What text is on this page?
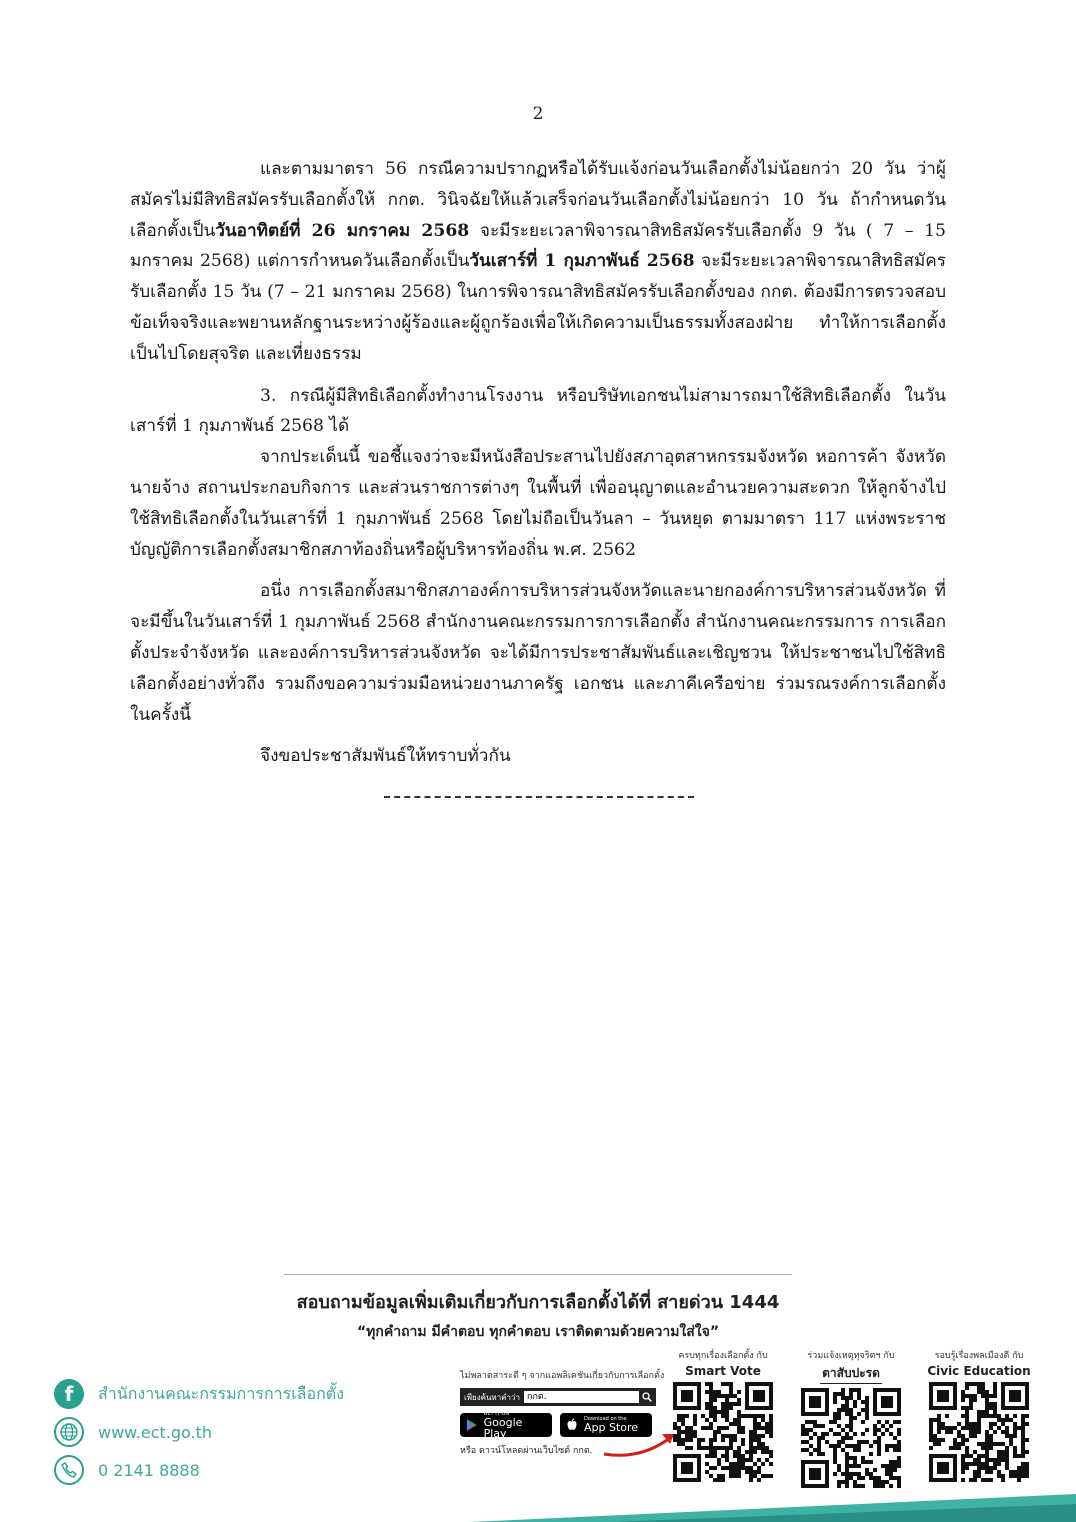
2

และตามมาตรา 56 กรณีความปรากฏหรือได้รับแจ้งก่อนวันเลือกตั้งไม่น้อยกว่า 20 วัน ว่าผู้สมัครไม่มีสิทธิสมัครรับเลือกตั้งให้ กกต. วินิจฉัยให้แล้วเสร็จก่อนวันเลือกตั้งไม่น้อยกว่า 10 วัน ถ้ากำหนดวันเลือกตั้งเป็นวันอาทิตย์ที่ 26 มกราคม 2568 จะมีระยะเวลาพิจารณาสิทธิสมัครรับเลือกตั้ง 9 วัน ( 7 – 15 มกราคม 2568) แต่การกำหนดวันเลือกตั้งเป็นวันเสาร์ที่ 1 กุมภาพันธ์ 2568 จะมีระยะเวลาพิจารณาสิทธิสมัครรับเลือกตั้ง 15 วัน (7 – 21 มกราคม 2568) ในการพิจารณาสิทธิสมัครรับเลือกตั้งของ กกต. ต้องมีการตรวจสอบข้อเท็จจริงและพยานหลักฐานระหว่างผู้ร้องและผู้ถูกร้องเพื่อให้เกิดความเป็นธรรมทั้งสองฝ่าย ทำให้การเลือกตั้งเป็นไปโดยสุจริต และเที่ยงธรรม

3. กรณีผู้มีสิทธิเลือกตั้งทำงานโรงงาน หรือบริษัทเอกชนไม่สามารถมาใช้สิทธิเลือกตั้ง ในวันเสาร์ที่ 1 กุมภาพันธ์ 2568 ได้

จากประเด็นนี้ ขอชี้แจงว่าจะมีหนังสือประสานไปยังสภาอุตสาหกรรมจังหวัด หอการค้า จังหวัด นายจ้าง สถานประกอบกิจการ และส่วนราชการต่างๆ ในพื้นที่ เพื่ออนุญาตและอำนวยความสะดวก ให้ลูกจ้างไปใช้สิทธิเลือกตั้งในวันเสาร์ที่ 1 กุมภาพันธ์ 2568 โดยไม่ถือเป็นวันลา – วันหยุด ตามมาตรา 117 แห่งพระราชบัญญัติการเลือกตั้งสมาชิกสภาท้องถิ่นหรือผู้บริหารท้องถิ่น พ.ศ. 2562

อนึ่ง การเลือกตั้งสมาชิกสภาองค์การบริหารส่วนจังหวัดและนายกองค์การบริหารส่วนจังหวัด ที่จะมีขึ้นในวันเสาร์ที่ 1 กุมภาพันธ์ 2568 สำนักงานคณะกรรมการการเลือกตั้ง สำนักงานคณะกรรมการ การเลือกตั้งประจำจังหวัด และองค์การบริหารส่วนจังหวัด จะได้มีการประชาสัมพันธ์และเชิญชวน ให้ประชาชนไปใช้สิทธิเลือกตั้งอย่างทั่วถึง รวมถึงขอความร่วมมือหน่วยงานภาครัฐ เอกชน และภาคีเครือข่าย ร่วมรณรงค์การเลือกตั้งในครั้งนี้

จึงขอประชาสัมพันธ์ให้ทราบทั่วกัน

สอบถามข้อมูลเพิ่มเติมเกี่ยวกับการเลือกตั้งได้ที่ สายด่วน 1444
“ทุกคำถาม มีคำตอบ ทุกคำตอบ เราติดตามด้วยความใส่ใจ”
f	สำนักงานคณะกรรมการการเลือกตั้ง
www.ect.go.th
0 2141 8888
ไม่พลาดสาระดี ๆ จากแอพลิเคชันเกี่ยวกับการเลือกตั้ง
เพียงค้นหาคำว่า กกต.
GET IT ON
Google Play
Download on the
App Store
หรือ ดาวน์โหลดผ่านเว็บไซต์ กกต.
ครบทุกเรื่องเลือกตั้ง กับ
Smart Vote
ร่วมแจ้งเหตุทุจริตฯ กับ
ตาสับปะรด
รอบรู้เรื่องพลเมืองดี กับ
Civic Education
